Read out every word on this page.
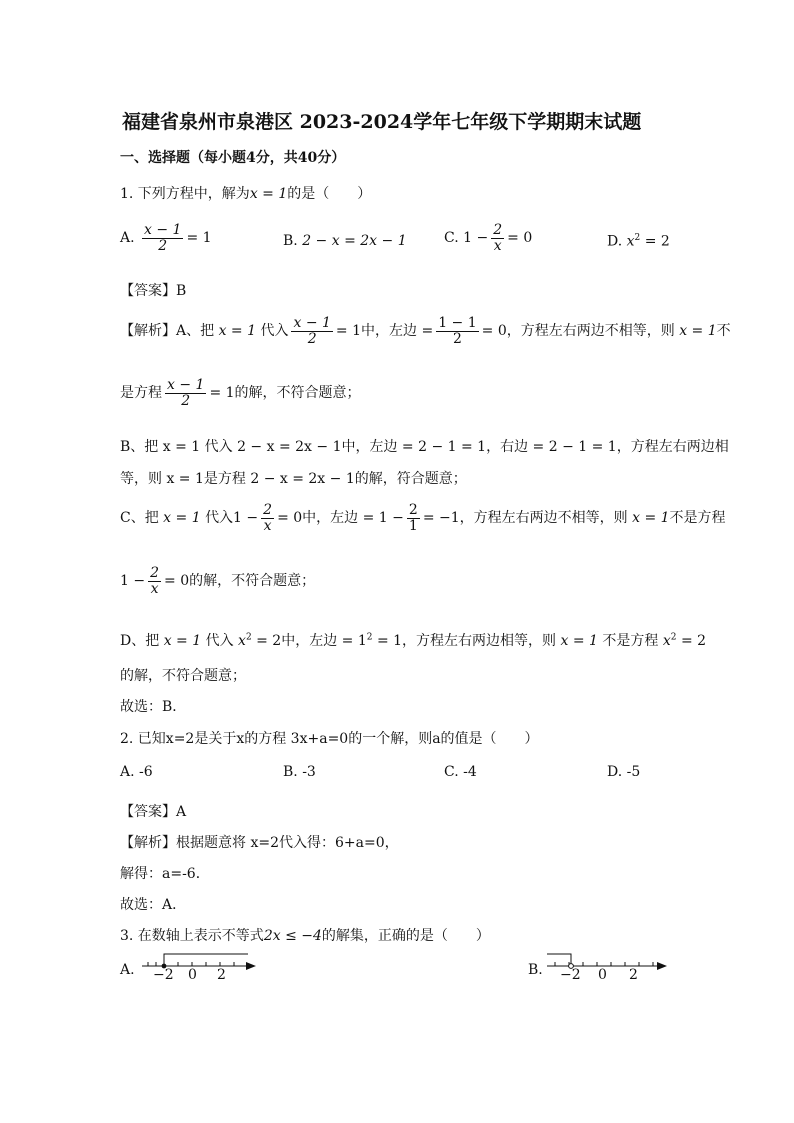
福建省泉州市泉港区 2023-2024学年七年级下学期期末试题
一、选择题（每小题4分，共40分）
1. 下列方程中，解为x = 1的是（　　）
A. $\frac{x - 1}{2} = 1$	B. 2 − x = 2x − 1	C. $1 - \frac{2}{x} = 0$	D. $x^2 = 2$
【答案】B
【解析】A、把 x = 1 代入 $\frac{x - 1}{2} = 1$中，左边 = $\frac{1 - 1}{2} = 0$，方程左右两边不相等，则 x = 1不
是方程 $\frac{x - 1}{2} = 1$的解，不符合题意；
B、把 x = 1 代入 2 − x = 2x − 1中，左边 = 2 − 1 = 1，右边 = 2 − 1 = 1，方程左右两边相
等，则 x = 1是方程 2 − x = 2x − 1的解，符合题意；
C、把 x = 1 代入$1 - \frac{2}{x} = 0$中，左边 = $1 - \frac{2}{1} = -1$，方程左右两边不相等，则 x = 1不是方程
$1 - \frac{2}{x} = 0$的解，不符合题意；
D、把 x = 1 代入 $x^2 = 2$中，左边 = $1^2 = 1$，方程左右两边相等，则 x = 1 不是方程 $x^2 = 2$
的解，不符合题意；
故选：B．
2. 已知x=2是关于x的方程 3x+a=0的一个解，则a的值是（　　）
A. -6	B. -3	C. -4	D. -5
【答案】A
【解析】根据题意将 x=2代入得：6+a=0，
解得：a=-6．
故选：A．
3. 在数轴上表示不等式2x ≤ −4的解集，正确的是（　　）
A. −2 0 2	B. −2 0 2
